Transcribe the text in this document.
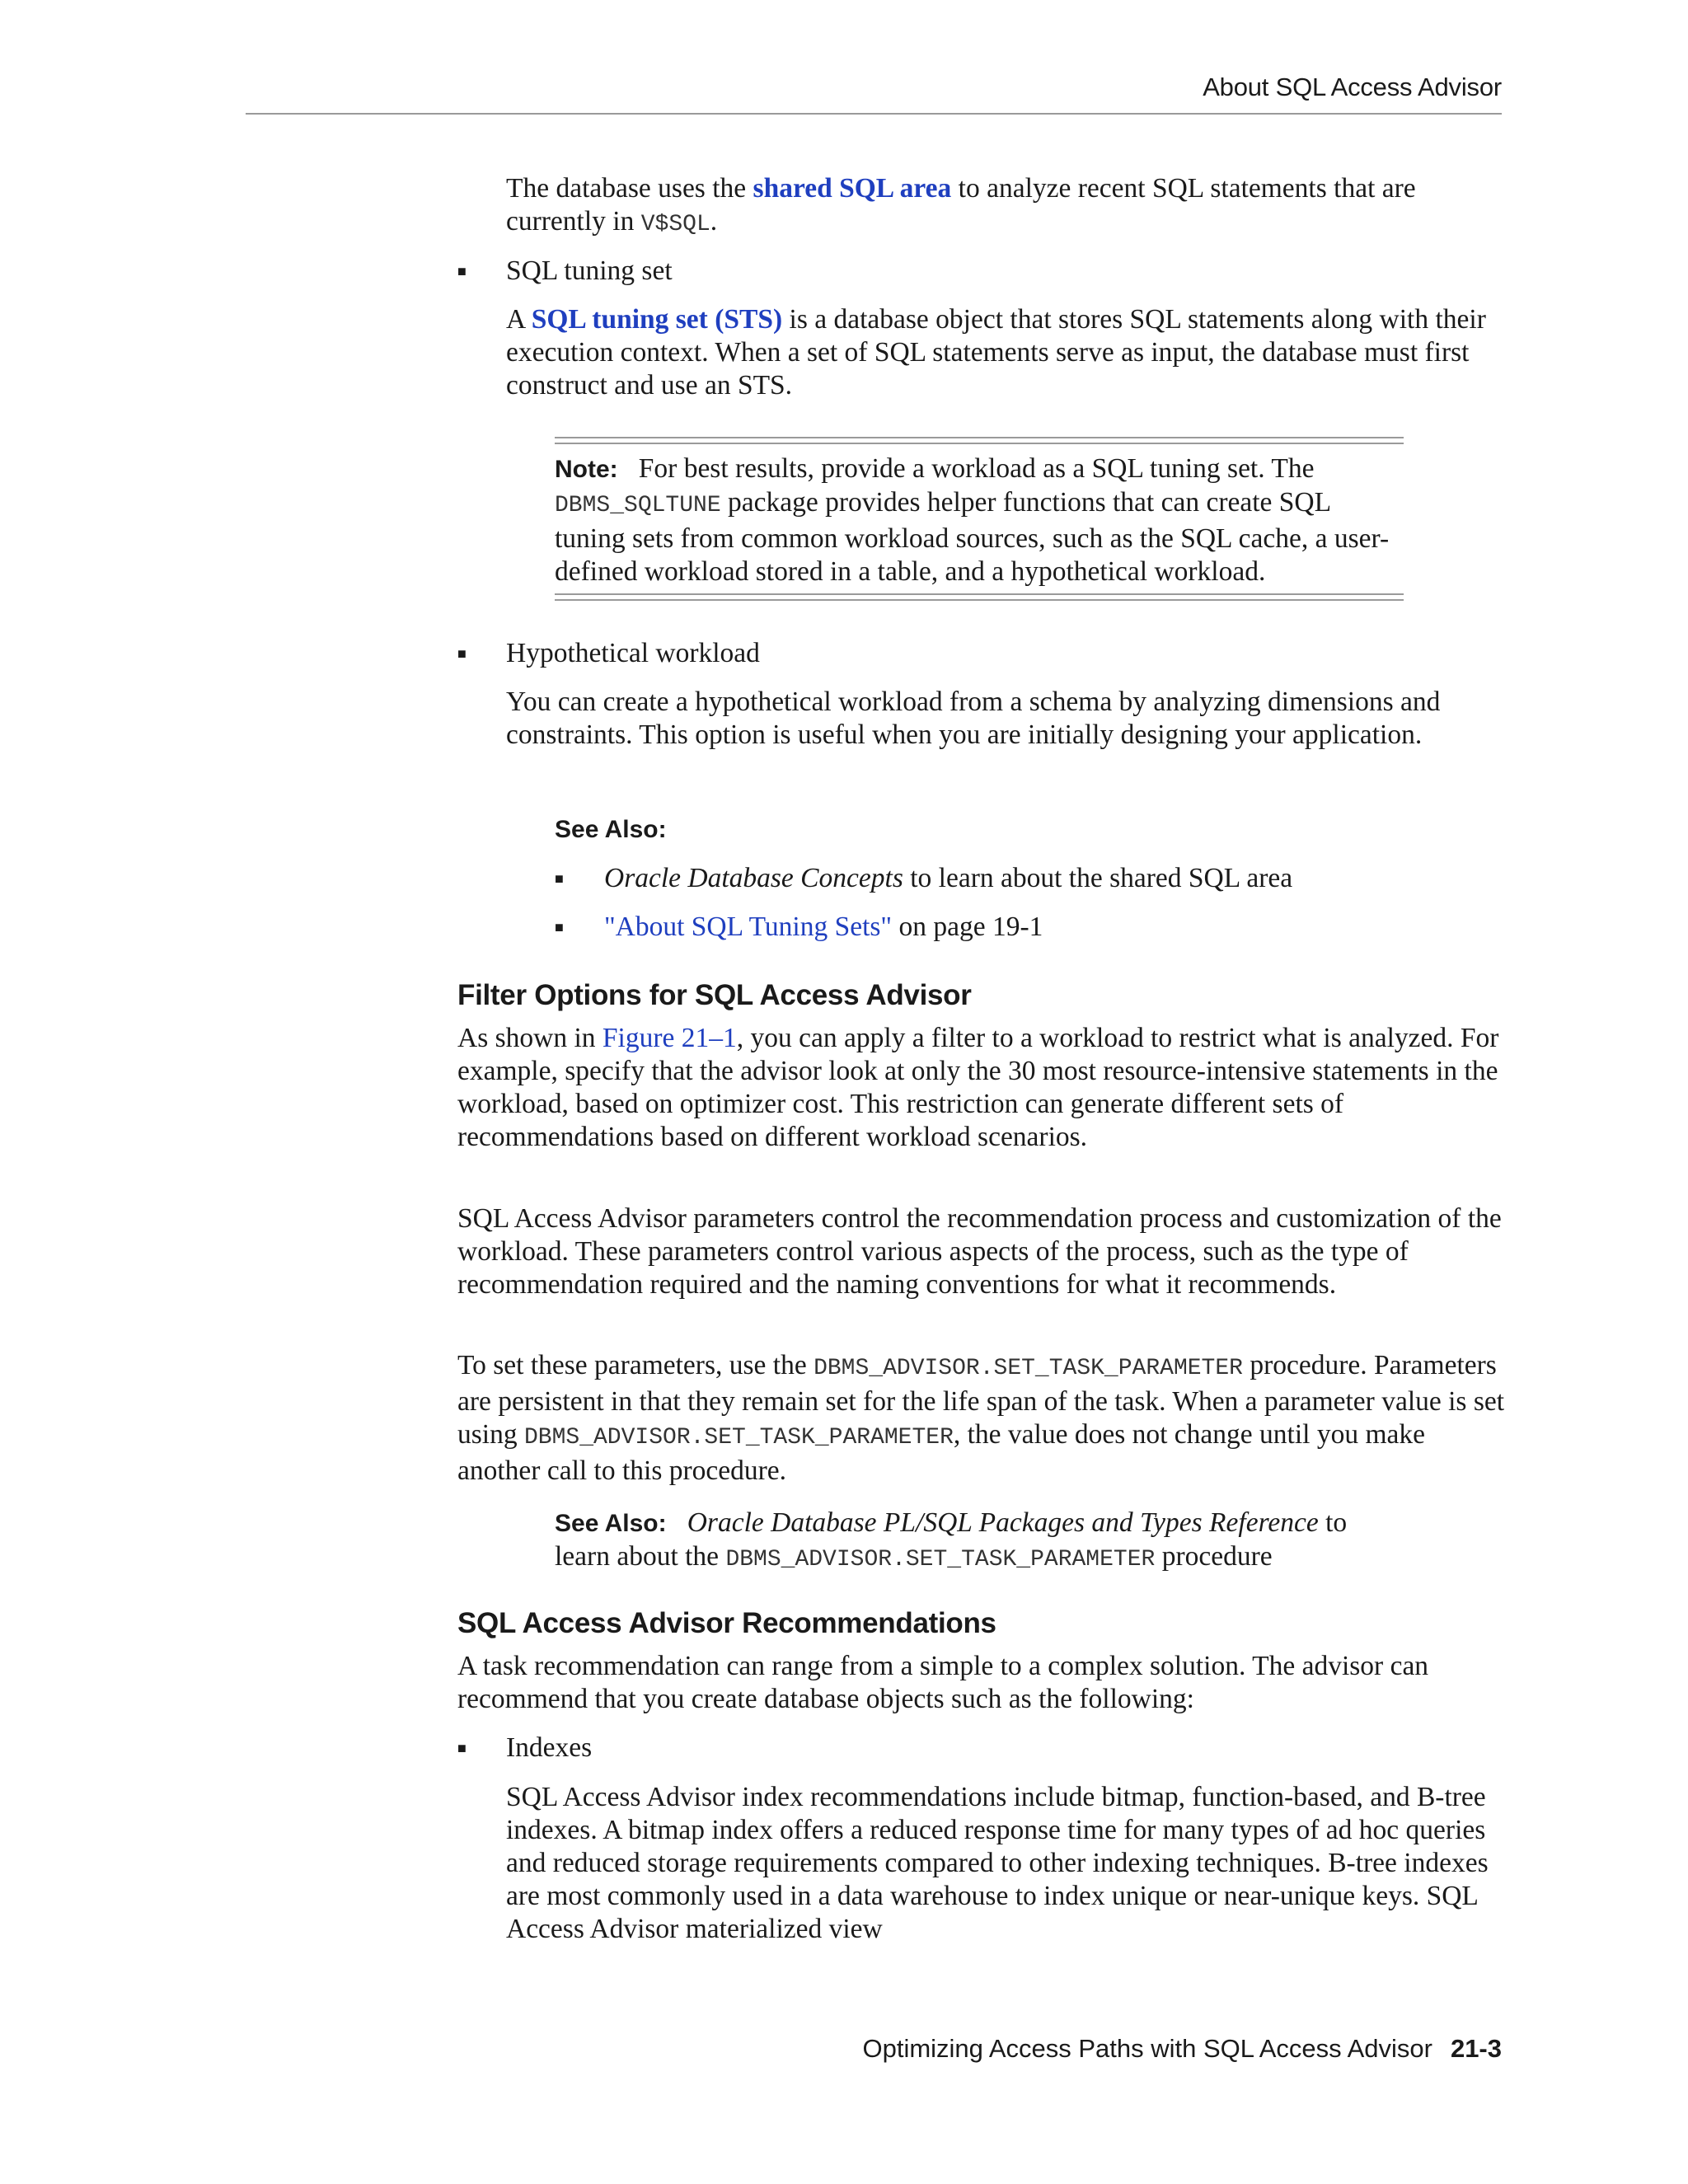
About SQL Access Advisor

The database uses the shared SQL area to analyze recent SQL statements that are currently in V$SQL.

■ SQL tuning set

A SQL tuning set (STS) is a database object that stores SQL statements along with their execution context. When a set of SQL statements serve as input, the database must first construct and use an STS.

Note: For best results, provide a workload as a SQL tuning set. The DBMS_SQLTUNE package provides helper functions that can create SQL tuning sets from common workload sources, such as the SQL cache, a user-defined workload stored in a table, and a hypothetical workload.

■ Hypothetical workload

You can create a hypothetical workload from a schema by analyzing dimensions and constraints. This option is useful when you are initially designing your application.

See Also:

■ Oracle Database Concepts to learn about the shared SQL area

■ "About SQL Tuning Sets" on page 19-1

Filter Options for SQL Access Advisor

As shown in Figure 21–1, you can apply a filter to a workload to restrict what is analyzed. For example, specify that the advisor look at only the 30 most resource-intensive statements in the workload, based on optimizer cost. This restriction can generate different sets of recommendations based on different workload scenarios.

SQL Access Advisor parameters control the recommendation process and customization of the workload. These parameters control various aspects of the process, such as the type of recommendation required and the naming conventions for what it recommends.

To set these parameters, use the DBMS_ADVISOR.SET_TASK_PARAMETER procedure. Parameters are persistent in that they remain set for the life span of the task. When a parameter value is set using DBMS_ADVISOR.SET_TASK_PARAMETER, the value does not change until you make another call to this procedure.

See Also: Oracle Database PL/SQL Packages and Types Reference to learn about the DBMS_ADVISOR.SET_TASK_PARAMETER procedure

SQL Access Advisor Recommendations

A task recommendation can range from a simple to a complex solution. The advisor can recommend that you create database objects such as the following:

■ Indexes

SQL Access Advisor index recommendations include bitmap, function-based, and B-tree indexes. A bitmap index offers a reduced response time for many types of ad hoc queries and reduced storage requirements compared to other indexing techniques. B-tree indexes are most commonly used in a data warehouse to index unique or near-unique keys. SQL Access Advisor materialized view

Optimizing Access Paths with SQL Access Advisor 21-3
